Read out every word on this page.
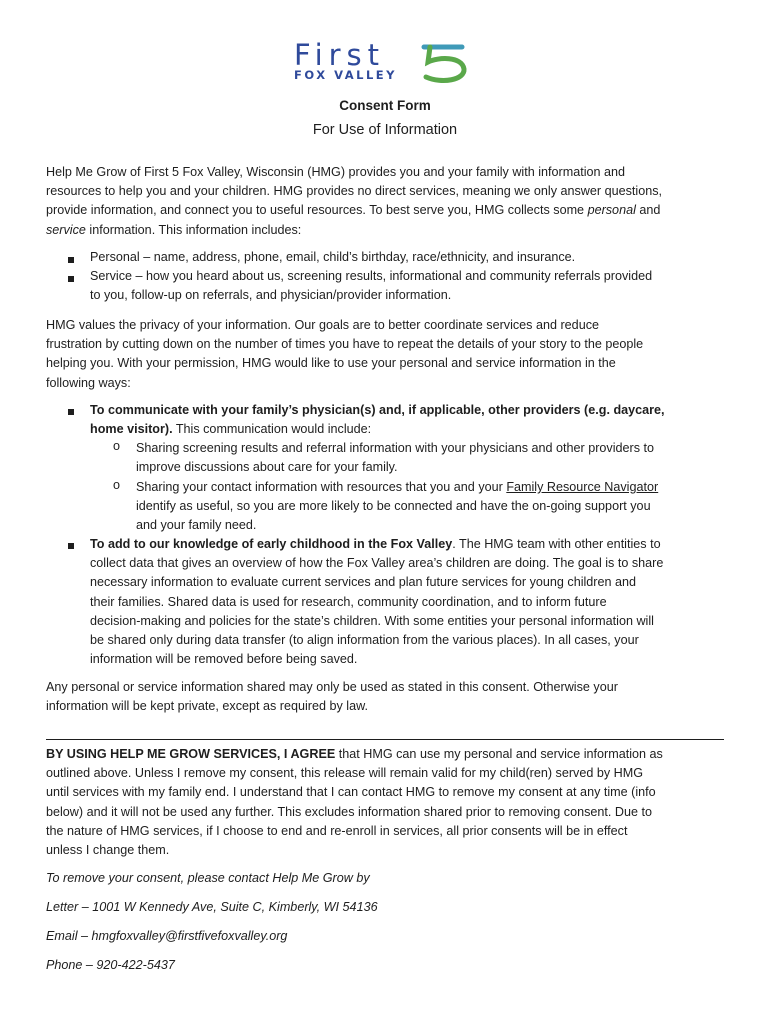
First
FOX VALLEY
Consent Form
For Use of Information
Help Me Grow of First 5 Fox Valley, Wisconsin (HMG) provides you and your family with information and
resources to help you and your children. HMG provides no direct services, meaning we only answer questions,
provide information, and connect you to useful resources. To best serve you, HMG collects some personal and
service information. This information includes:
Personal – name, address, phone, email, child’s birthday, race/ethnicity, and insurance.
Service – how you heard about us, screening results, informational and community referrals provided
to you, follow-up on referrals, and physician/provider information.
HMG values the privacy of your information. Our goals are to better coordinate services and reduce
frustration by cutting down on the number of times you have to repeat the details of your story to the people
helping you. With your permission, HMG would like to use your personal and service information in the
following ways:
To communicate with your family’s physician(s) and, if applicable, other providers (e.g. daycare,
home visitor). This communication would include:
o Sharing screening results and referral information with your physicians and other providers to
improve discussions about care for your family.
o Sharing your contact information with resources that you and your Family Resource Navigator
identify as useful, so you are more likely to be connected and have the on-going support you
and your family need.
To add to our knowledge of early childhood in the Fox Valley. The HMG team with other entities to
collect data that gives an overview of how the Fox Valley area’s children are doing. The goal is to share
necessary information to evaluate current services and plan future services for young children and
their families. Shared data is used for research, community coordination, and to inform future
decision-making and policies for the state’s children. With some entities your personal information will
be shared only during data transfer (to align information from the various places). In all cases, your
information will be removed before being saved.
Any personal or service information shared may only be used as stated in this consent. Otherwise your
information will be kept private, except as required by law.
BY USING HELP ME GROW SERVICES, I AGREE that HMG can use my personal and service information as
outlined above. Unless I remove my consent, this release will remain valid for my child(ren) served by HMG
until services with my family end. I understand that I can contact HMG to remove my consent at any time (info
below) and it will not be used any further. This excludes information shared prior to removing consent. Due to
the nature of HMG services, if I choose to end and re-enroll in services, all prior consents will be in effect
unless I change them.
To remove your consent, please contact Help Me Grow by
Letter – 1001 W Kennedy Ave, Suite C, Kimberly, WI 54136
Email – hmgfoxvalley@firstfivefoxvalley.org
Phone – 920-422-5437
